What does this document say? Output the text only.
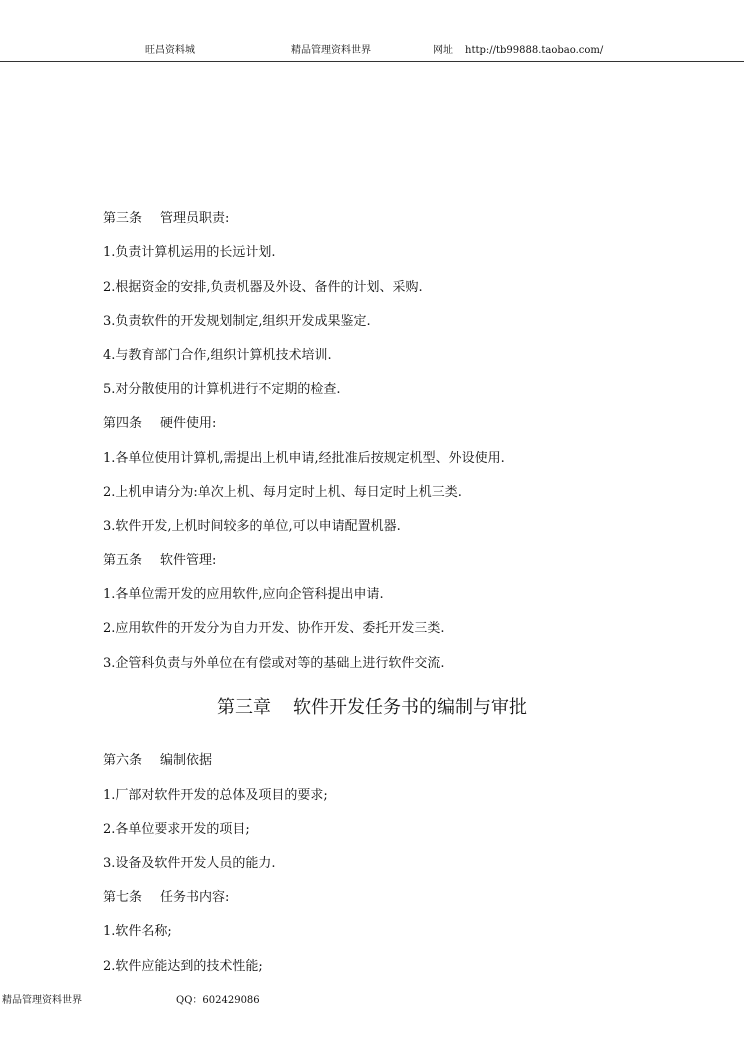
旺昌资料城	精品管理资料世界	网址 http://tb99888.taobao.com/
第三条 管理员职责:
1.负责计算机运用的长远计划.
2.根据资金的安排,负责机器及外设、备件的计划、采购.
3.负责软件的开发规划制定,组织开发成果鉴定.
4.与教育部门合作,组织计算机技术培训.
5.对分散使用的计算机进行不定期的检查.
第四条 硬件使用:
1.各单位使用计算机,需提出上机申请,经批准后按规定机型、外设使用.
2.上机申请分为:单次上机、每月定时上机、每日定时上机三类.
3.软件开发,上机时间较多的单位,可以申请配置机器.
第五条 软件管理:
1.各单位需开发的应用软件,应向企管科提出申请.
2.应用软件的开发分为自力开发、协作开发、委托开发三类.
3.企管科负责与外单位在有偿或对等的基础上进行软件交流.
第三章 软件开发任务书的编制与审批
第六条 编制依据
1.厂部对软件开发的总体及项目的要求;
2.各单位要求开发的项目;
3.设备及软件开发人员的能力.
第七条 任务书内容:
1.软件名称;
2.软件应能达到的技术性能;
精品管理资料世界	QQ：602429086
